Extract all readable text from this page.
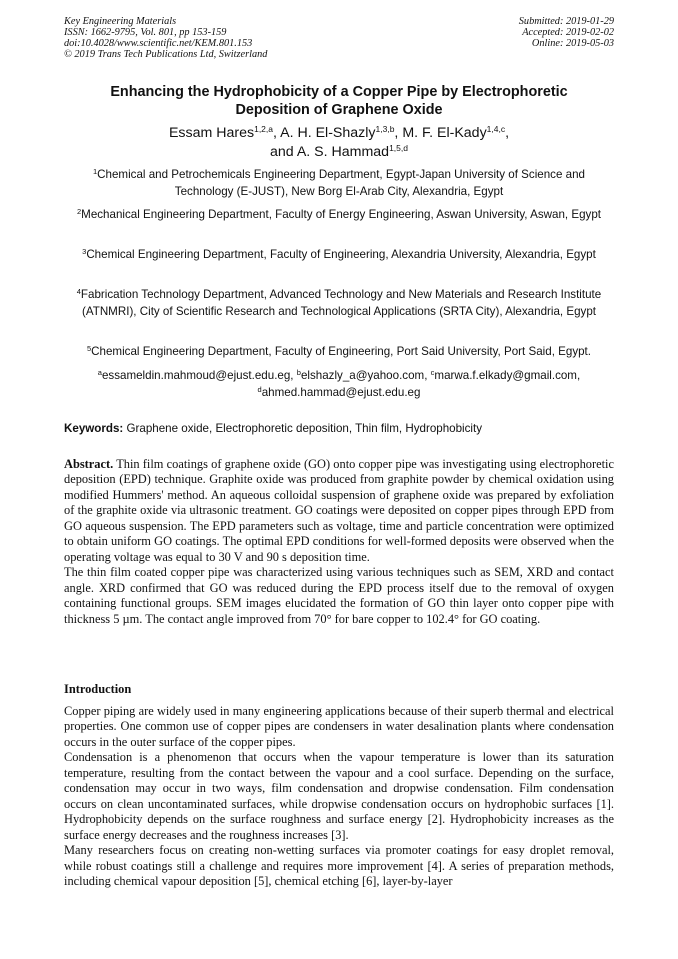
Key Engineering Materials
ISSN: 1662-9795, Vol. 801, pp 153-159
doi:10.4028/www.scientific.net/KEM.801.153
© 2019 Trans Tech Publications Ltd, Switzerland
Submitted: 2019-01-29
Accepted: 2019-02-02
Online: 2019-05-03
Enhancing the Hydrophobicity of a Copper Pipe by Electrophoretic
Deposition of Graphene Oxide
Essam Hares$^{1,2,a}$, A. H. El-Shazly$^{1,3,b}$, M. F. El-Kady$^{1,4,c}$,
and A. S. Hammad$^{1,5,d}$
$^1$Chemical and Petrochemicals Engineering Department, Egypt-Japan University of Science and Technology (E-JUST), New Borg El-Arab City, Alexandria, Egypt
$^2$Mechanical Engineering Department, Faculty of Energy Engineering, Aswan University, Aswan, Egypt
$^3$Chemical Engineering Department, Faculty of Engineering, Alexandria University, Alexandria, Egypt
$^4$Fabrication Technology Department, Advanced Technology and New Materials and Research Institute (ATNMRI), City of Scientific Research and Technological Applications (SRTA City), Alexandria, Egypt
$^5$Chemical Engineering Department, Faculty of Engineering, Port Said University, Port Said, Egypt.
$^a$essameldin.mahmoud@ejust.edu.eg, $^b$elshazly_a@yahoo.com, $^c$marwa.f.elkady@gmail.com, $^d$ahmed.hammad@ejust.edu.eg
Keywords: Graphene oxide, Electrophoretic deposition, Thin film, Hydrophobicity

Abstract. Thin film coatings of graphene oxide (GO) onto copper pipe was investigating using electrophoretic deposition (EPD) technique. Graphite oxide was produced from graphite powder by chemical oxidation using modified Hummers' method. An aqueous colloidal suspension of graphene oxide was prepared by exfoliation of the graphite oxide via ultrasonic treatment. GO coatings were deposited on copper pipes through EPD from GO aqueous suspension. The EPD parameters such as voltage, time and particle concentration were optimized to obtain uniform GO coatings. The optimal EPD conditions for well-formed deposits were observed when the operating voltage was equal to 30 V and 90 s deposition time.

The thin film coated copper pipe was characterized using various techniques such as SEM, XRD and contact angle. XRD confirmed that GO was reduced during the EPD process itself due to the removal of oxygen containing functional groups. SEM images elucidated the formation of GO thin layer onto copper pipe with thickness 5 µm. The contact angle improved from 70° for bare copper to 102.4° for GO coating.

Introduction

Copper piping are widely used in many engineering applications because of their superb thermal and electrical properties. One common use of copper pipes are condensers in water desalination plants where condensation occurs in the outer surface of the copper pipes.

Condensation is a phenomenon that occurs when the vapour temperature is lower than its saturation temperature, resulting from the contact between the vapour and a cool surface. Depending on the surface, condensation may occur in two ways, film condensation and dropwise condensation. Film condensation occurs on clean uncontaminated surfaces, while dropwise condensation occurs on hydrophobic surfaces [1]. Hydrophobicity depends on the surface roughness and surface energy [2]. Hydrophobicity increases as the surface energy decreases and the roughness increases [3].

Many researchers focus on creating non-wetting surfaces via promoter coatings for easy droplet removal, while robust coatings still a challenge and requires more improvement [4]. A series of preparation methods, including chemical vapour deposition [5], chemical etching [6], layer-by-layer
